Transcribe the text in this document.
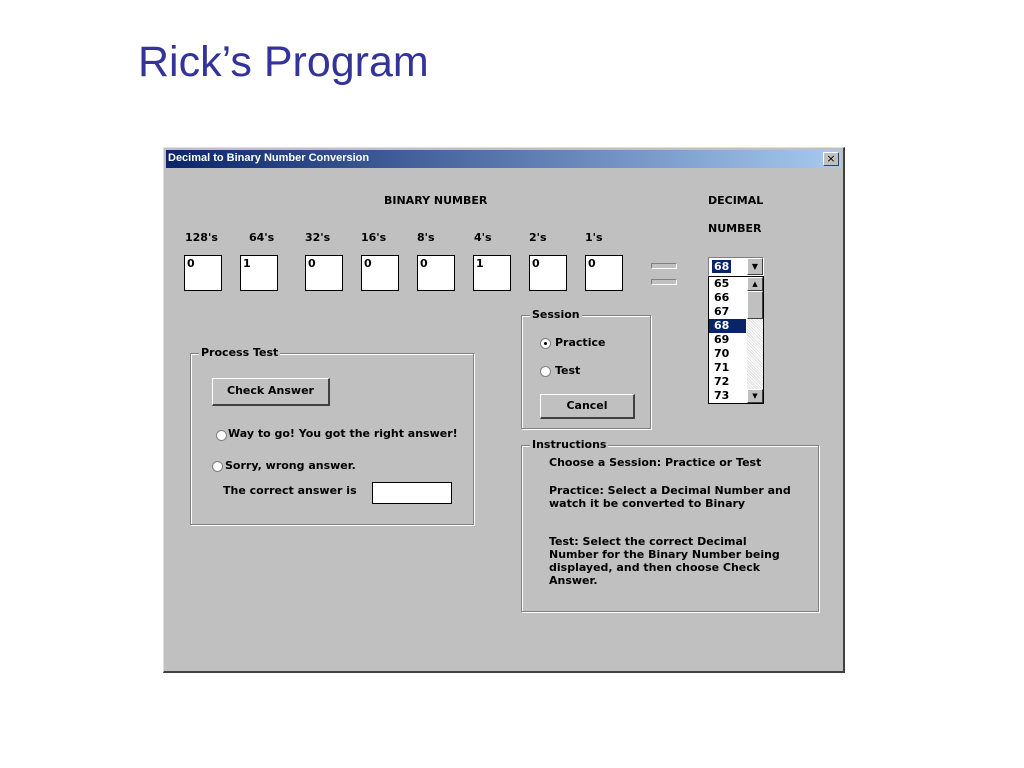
Rick’s Program
Decimal to Binary Number Conversion	×
BINARY NUMBER
128's	64's	32's	16's	8's	4's	2's	1's
0	1	0	0	0	1	0	0
DECIMAL
NUMBER
68	▼
65
66
67
68
69
70
71
72
73
▲
▼
Session
Practice
Test
Cancel
Process Test
Check Answer
Way to go! You got the right answer!
Sorry, wrong answer.
The correct answer is
Instructions
Choose a Session: Practice or Test
Practice: Select a Decimal Number and
watch it be converted to Binary
Test: Select the correct Decimal
Number for the Binary Number being
displayed, and then choose Check
Answer.
